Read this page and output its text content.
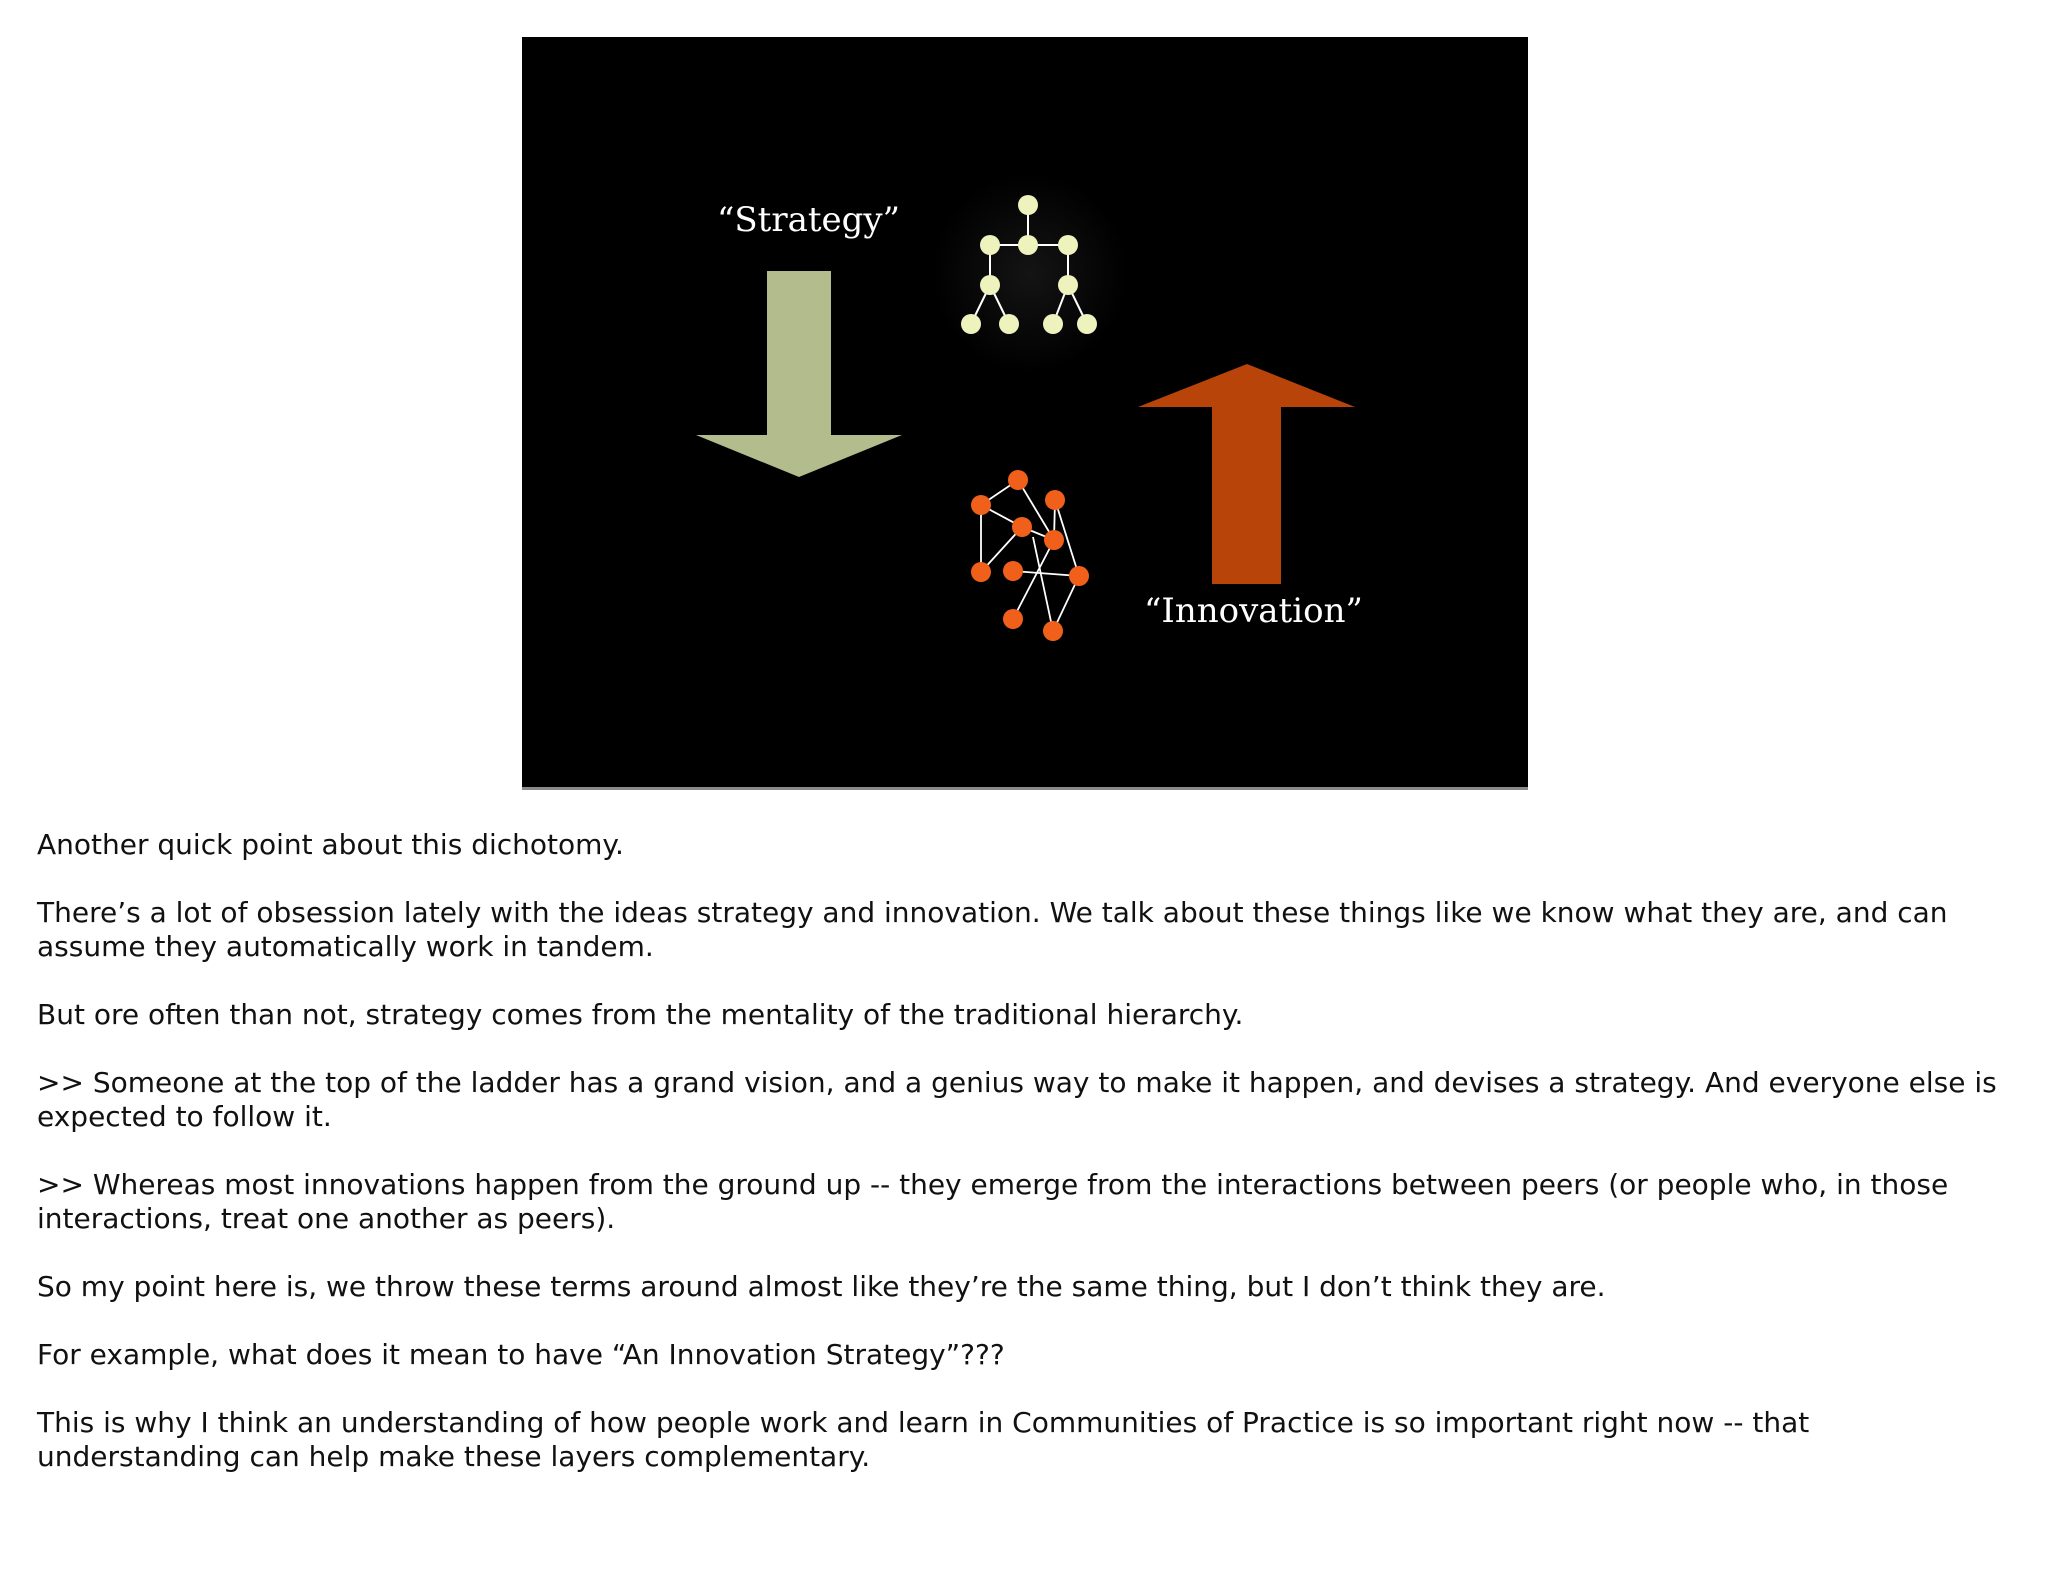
“Strategy”
“Innovation”

Another quick point about this dichotomy.

There’s a lot of obsession lately with the ideas strategy and innovation. We talk about these things like we know what they are, and can assume they automatically work in tandem.

But ore often than not, strategy comes from the mentality of the traditional hierarchy.

>> Someone at the top of the ladder has a grand vision, and a genius way to make it happen, and devises a strategy. And everyone else is expected to follow it.

>> Whereas most innovations happen from the ground up -- they emerge from the interactions between peers (or people who, in those interactions, treat one another as peers).

So my point here is, we throw these terms around almost like they’re the same thing, but I don’t think they are.

For example, what does it mean to have “An Innovation Strategy”???

This is why I think an understanding of how people work and learn in Communities of Practice is so important right now -- that understanding can help make these layers complementary.
